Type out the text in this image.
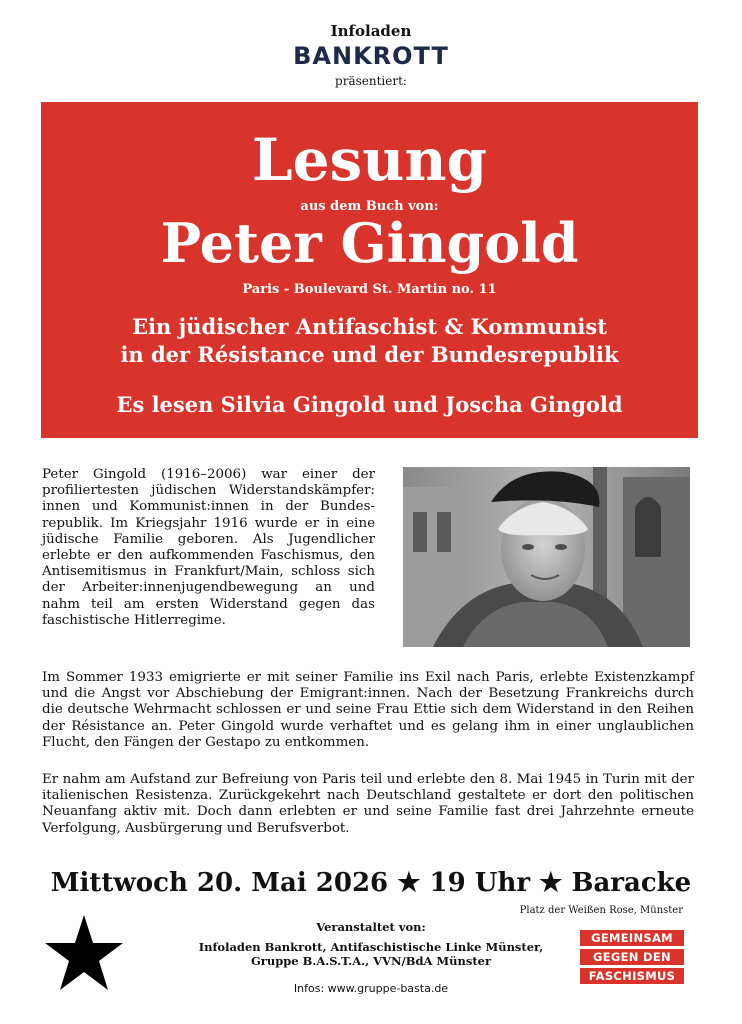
Infoladen
BANKROTT
präsentiert:
Lesung
aus dem Buch von:
Peter Gingold
Paris - Boulevard St. Martin no. 11
Ein jüdischer Antifaschist & Kommunist
in der Résistance und der Bundesrepublik
Es lesen Silvia Gingold und Joscha Gingold
Peter Gingold (1916–2006) war einer der profiliertesten jüdischen Widerstandskämpfer: innen und Kommunist:innen in der Bundesrepublik. Im Kriegsjahr 1916 wurde er in eine jüdische Familie geboren. Als Jugendlicher erlebte er den aufkommenden Faschismus, den Antisemitismus in Frankfurt/Main, schloss sich der Arbeiter:innenjugendbewegung an und nahm teil am ersten Widerstand gegen das faschistische Hitlerregime.
Im Sommer 1933 emigrierte er mit seiner Familie ins Exil nach Paris, erlebte Existenzkampf und die Angst vor Abschiebung der Emigrant:innen. Nach der Besetzung Frankreichs durch die deutsche Wehrmacht schlossen er und seine Frau Ettie sich dem Widerstand in den Reihen der Résistance an. Peter Gingold wurde verhaftet und es gelang ihm in einer unglaublichen Flucht, den Fängen der Gestapo zu entkommen.
Er nahm am Aufstand zur Befreiung von Paris teil und erlebte den 8. Mai 1945 in Turin mit der italienischen Resistenza. Zurückgekehrt nach Deutschland gestaltete er dort den politischen Neuanfang aktiv mit. Doch dann erlebten er und seine Familie fast drei Jahrzehnte erneute Verfolgung, Ausbürgerung und Berufsverbot.
Mittwoch 20. Mai 2026 ★ 19 Uhr ★ Baracke
Platz der Weißen Rose, Münster
Veranstaltet von:
Infoladen Bankrott, Antifaschistische Linke Münster,
Gruppe B.A.S.T.A., VVN/BdA Münster
Infos: www.gruppe-basta.de
GEMEINSAM
GEGEN DEN
FASCHISMUS
